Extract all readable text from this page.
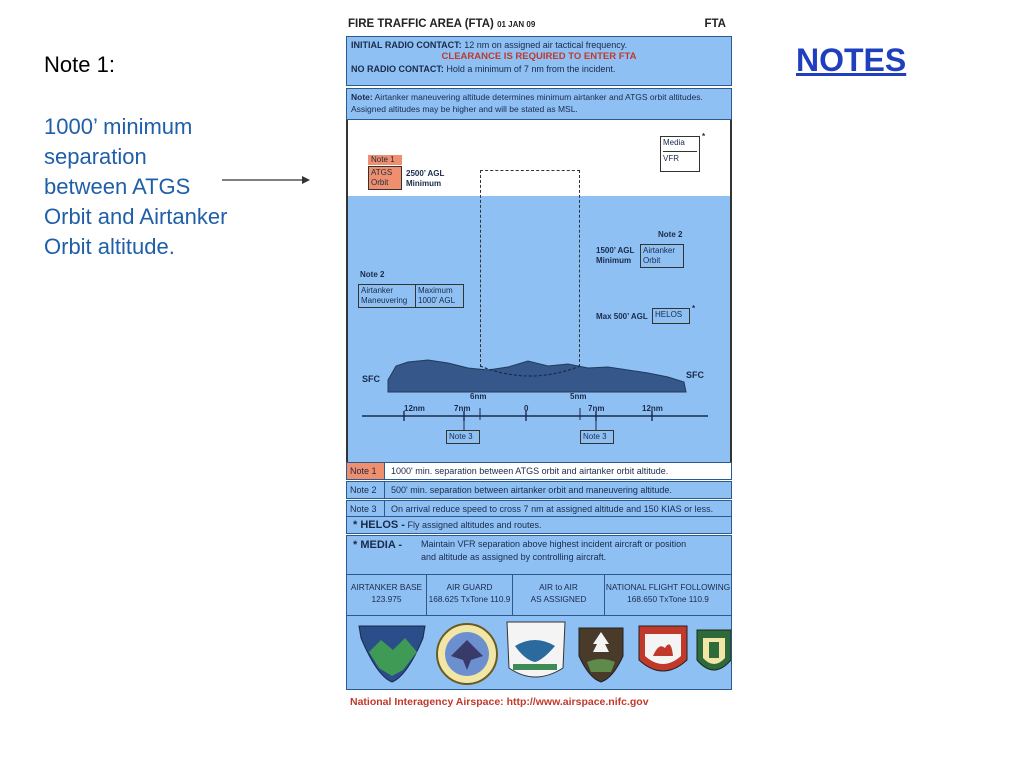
Note 1:
1000’ minimum separation between ATGS Orbit and Airtanker Orbit altitude.
NOTES
FIRE TRAFFIC AREA (FTA) 01 JAN 09	FTA
INITIAL RADIO CONTACT: 12 nm on assigned air tactical frequency.
CLEARANCE IS REQUIRED TO ENTER FTA
NO RADIO CONTACT: Hold a minimum of 7 nm from the incident.
Note: Airtanker maneuvering altitude determines minimum airtanker and ATGS orbit altitudes. Assigned altitudes may be higher and will be stated as MSL.
Note 1
ATGS
Orbit
2500’ AGL
Minimum
Media
VFR
*
Note 2
1500’ AGL
Minimum
Airtanker
Orbit
Note 2
Airtanker
Maneuvering
Maximum
1000’ AGL
Max 500’ AGL HELOS
*
SFC	SFC
6nm	5nm
12nm	7nm	0	7nm	12nm
Note 3	Note 3
Note 1	1000' min. separation between ATGS orbit and airtanker orbit altitude.
Note 2	500' min. separation between airtanker orbit and maneuvering altitude.
Note 3	On arrival reduce speed to cross 7 nm at assigned altitude and 150 KIAS or less.
* HELOS - Fly assigned altitudes and routes.
* MEDIA - Maintain VFR separation above highest incident aircraft or position
and altitude as assigned by controlling aircraft.
AIRTANKER BASE
123.975
AIR GUARD
168.625 TxTone 110.9
AIR to AIR
AS ASSIGNED
NATIONAL FLIGHT FOLLOWING
168.650 TxTone 110.9
National Interagency Airspace: http://www.airspace.nifc.gov
